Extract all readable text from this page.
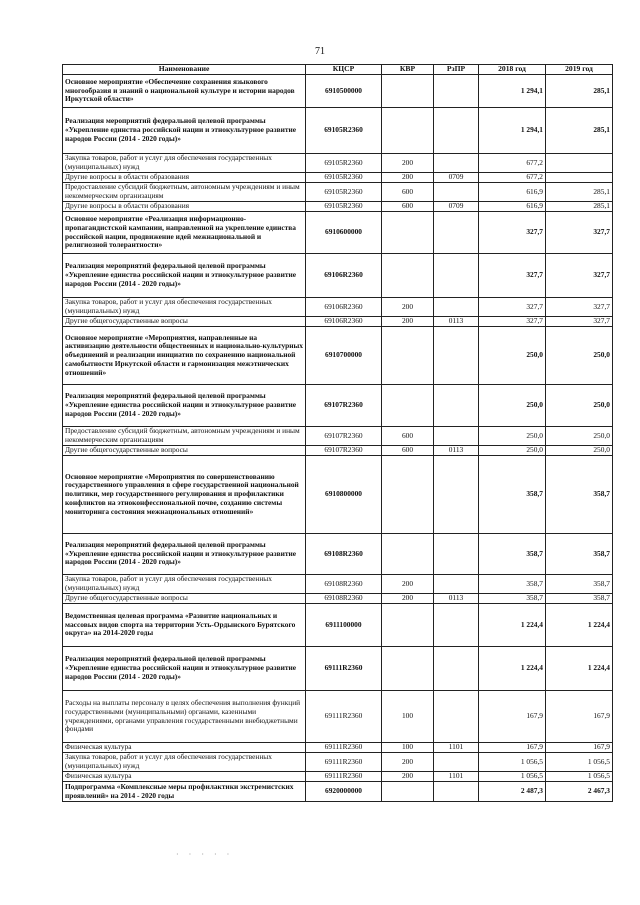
71
Наименование	КЦСР	КВР	РзПР	2018 год	2019 год
Основное мероприятие «Обеспечение сохранения языкового многообразия и знаний о национальной культуре и истории народов Иркутской области»	6910500000			1 294,1	285,1
Реализация мероприятий федеральной целевой программы «Укрепление единства российской нации и этнокультурное развитие народов России (2014 - 2020 годы)»	69105R2360			1 294,1	285,1
Закупка товаров, работ и услуг для обеспечения государственных (муниципальных) нужд	69105R2360	200		677,2	
Другие вопросы в области образования	69105R2360	200	0709	677,2	
Предоставление субсидий бюджетным, автономным учреждениям и иным некоммерческим организациям	69105R2360	600		616,9	285,1
Другие вопросы в области образования	69105R2360	600	0709	616,9	285,1
Основное мероприятие «Реализация информационно-пропагандистской кампании, направленной на укрепление единства российской нации, продвижение идей межнациональной и религиозной толерантности»	6910600000			327,7	327,7
Реализация мероприятий федеральной целевой программы «Укрепление единства российской нации и этнокультурное развитие народов России (2014 - 2020 годы)»	69106R2360			327,7	327,7
Закупка товаров, работ и услуг для обеспечения государственных (муниципальных) нужд	69106R2360	200		327,7	327,7
Другие общегосударственные вопросы	69106R2360	200	0113	327,7	327,7
Основное мероприятие «Мероприятия, направленные на активизацию деятельности общественных и национально-культурных объединений и реализации инициатив по сохранению национальной самобытности Иркутской области и гармонизация межэтнических отношений»	6910700000			250,0	250,0
Реализация мероприятий федеральной целевой программы «Укрепление единства российской нации и этнокультурное развитие народов России (2014 - 2020 годы)»	69107R2360			250,0	250,0
Предоставление субсидий бюджетным, автономным учреждениям и иным некоммерческим организациям	69107R2360	600		250,0	250,0
Другие общегосударственные вопросы	69107R2360	600	0113	250,0	250,0
Основное мероприятие «Мероприятия по совершенствованию государственного управления в сфере государственной национальной политики, мер государственного регулирования и профилактики конфликтов на этноконфессиональной почве, созданию системы мониторинга состояния межнациональных отношений»	6910800000			358,7	358,7
Реализация мероприятий федеральной целевой программы «Укрепление единства российской нации и этнокультурное развитие народов России (2014 - 2020 годы)»	69108R2360			358,7	358,7
Закупка товаров, работ и услуг для обеспечения государственных (муниципальных) нужд	69108R2360	200		358,7	358,7
Другие общегосударственные вопросы	69108R2360	200	0113	358,7	358,7
Ведомственная целевая программа «Развитие национальных и массовых видов спорта на территории Усть-Ордынского Бурятского округа» на 2014-2020 годы	6911100000			1 224,4	1 224,4
Реализация мероприятий федеральной целевой программы «Укрепление единства российской нации и этнокультурное развитие народов России (2014 - 2020 годы)»	69111R2360			1 224,4	1 224,4
Расходы на выплаты персоналу в целях обеспечения выполнения функций государственными (муниципальными) органами, казенными учреждениями, органами управления государственными внебюджетными фондами	69111R2360	100		167,9	167,9
Физическая культура	69111R2360	100	1101	167,9	167,9
Закупка товаров, работ и услуг для обеспечения государственных (муниципальных) нужд	69111R2360	200		1 056,5	1 056,5
Физическая культура	69111R2360	200	1101	1 056,5	1 056,5
Подпрограмма «Комплексные меры профилактики экстремистских проявлений» на 2014 - 2020 годы	6920000000			2 487,3	2 467,3
· · · · ·
